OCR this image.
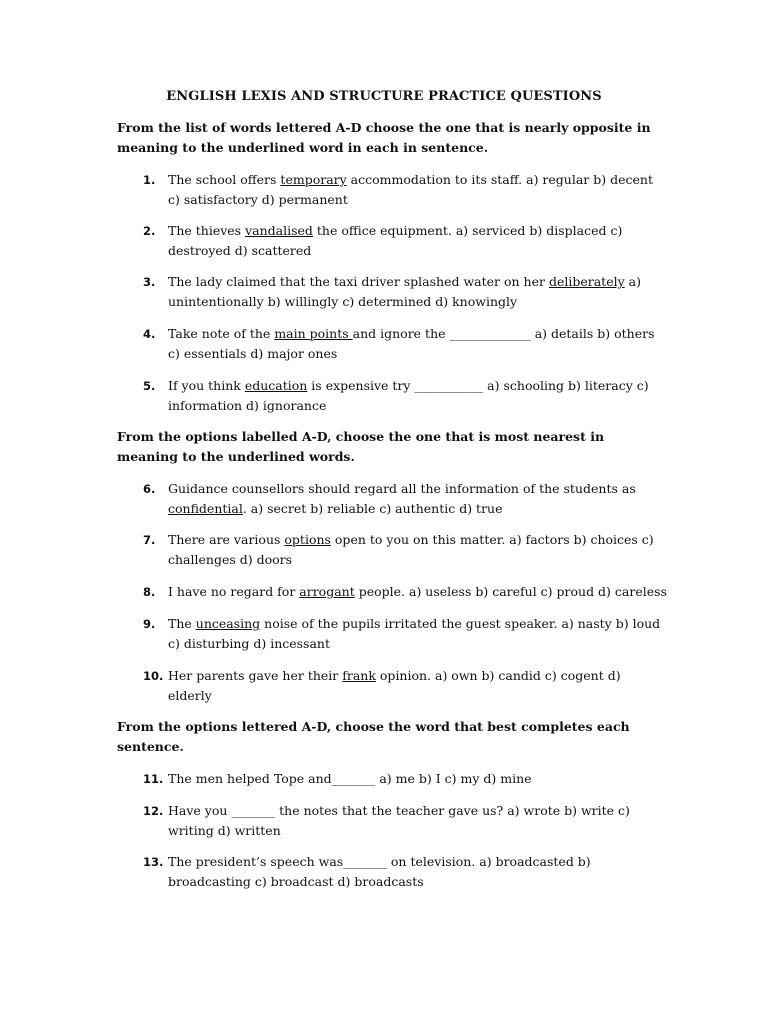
ENGLISH LEXIS AND STRUCTURE PRACTICE QUESTIONS
From the list of words lettered A-D choose the one that is nearly opposite in meaning to the underlined word in each in sentence.
1.	The school offers temporary accommodation to its staff. a) regular b) decent c) satisfactory d) permanent
2.	The thieves vandalised the office equipment. a) serviced b) displaced c) destroyed d) scattered
3.	The lady claimed that the taxi driver splashed water on her deliberately a) unintentionally b) willingly c) determined d) knowingly
4.	Take note of the main points and ignore the _____________ a) details b) others c) essentials d) major ones
5.	If you think education is expensive try ___________ a) schooling b) literacy c) information d) ignorance
From the options labelled A-D, choose the one that is most nearest in meaning to the underlined words.
6.	Guidance counsellors should regard all the information of the students as confidential. a) secret b) reliable c) authentic d) true
7.	There are various options open to you on this matter. a) factors b) choices c) challenges d) doors
8.	I have no regard for arrogant people. a) useless b) careful c) proud d) careless
9.	The unceasing noise of the pupils irritated the guest speaker. a) nasty b) loud c) disturbing d) incessant
10. Her parents gave her their frank opinion. a) own b) candid c) cogent d) elderly
From the options lettered A-D, choose the word that best completes each sentence.
11. The men helped Tope and_______ a) me b) I c) my d) mine
12. Have you _______ the notes that the teacher gave us? a) wrote b) write c) writing d) written
13. The president’s speech was_______ on television. a) broadcasted b) broadcasting c) broadcast d) broadcasts
